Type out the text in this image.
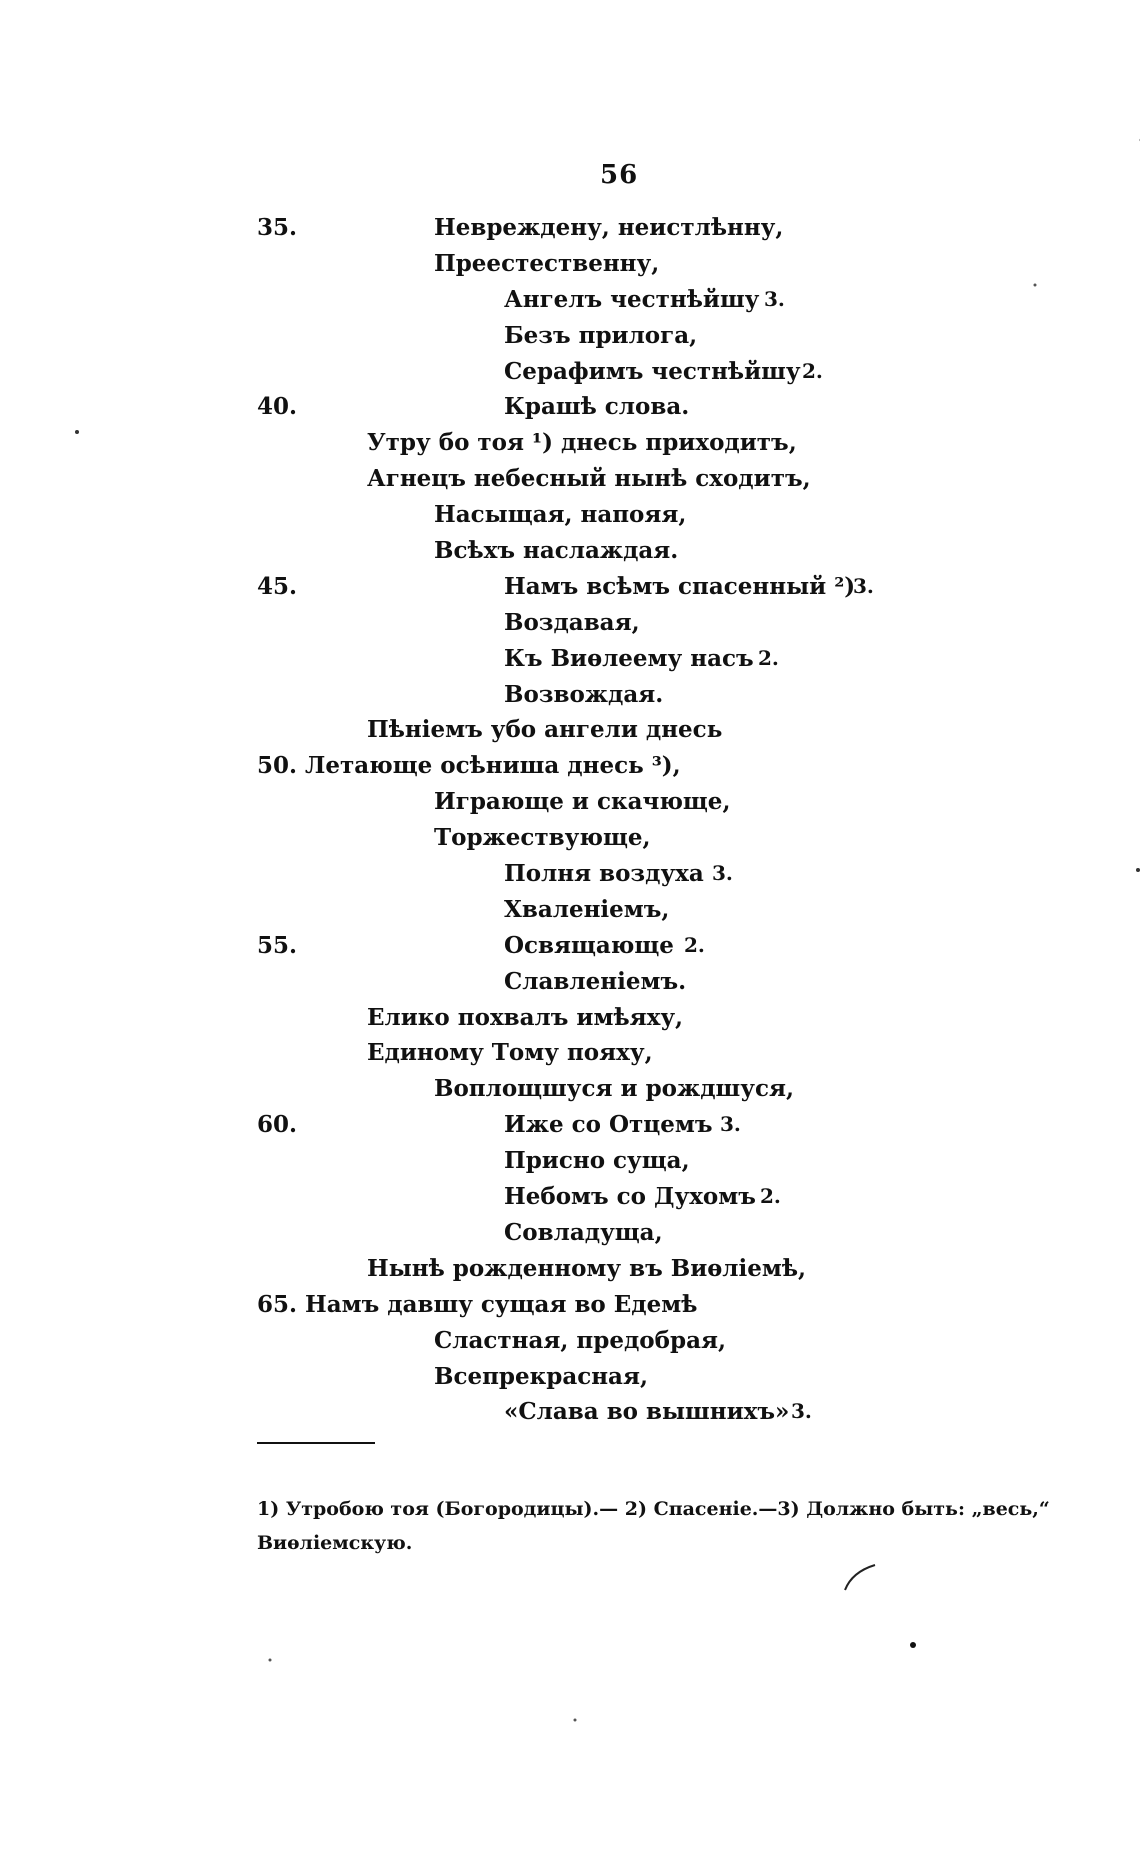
56
35.	Невреждену, неистлѣнну,
Преестественну,
Ангелъ честнѣйшу 3.
Безъ прилога,
Серафимъ честнѣйшу 2.
40.	Крашѣ слова.
Утру бо тоя ¹) днесь приходитъ,
Агнецъ небесный нынѣ сходитъ,
Насыщая, напояя,
Всѣхъ наслаждая.
45.	Намъ всѣмъ спасенный ²)
3.
Воздавая,
Къ Виѳлеему насъ 2.
Возвождая.
Пѣніемъ убо ангели днесь
50. Летающе осѣниша днесь ³),
Играюще и скачюще,
Торжествующе,
Полня воздуха 3.
Хваленіемъ,
55.	Освящающе 2.
Славленіемъ.
Елико похвалъ имѣяху,
Единому Тому пояху,
Воплощшуся и рождшуся,
60.	Иже со Отцемъ 3.
Присно суща,
Небомъ со Духомъ 2.
Совладуща,
Нынѣ рожденному въ Виѳліемѣ,
65. Намъ давшу сущая во Едемѣ
Сластная, предобрая,
Всепрекрасная,
«Слава во вышнихъ» 3.

1) Утробою тоя (Богородицы).— 2) Спасеніе.—3) Должно быть: „весь,“

Виѳліемскую.
